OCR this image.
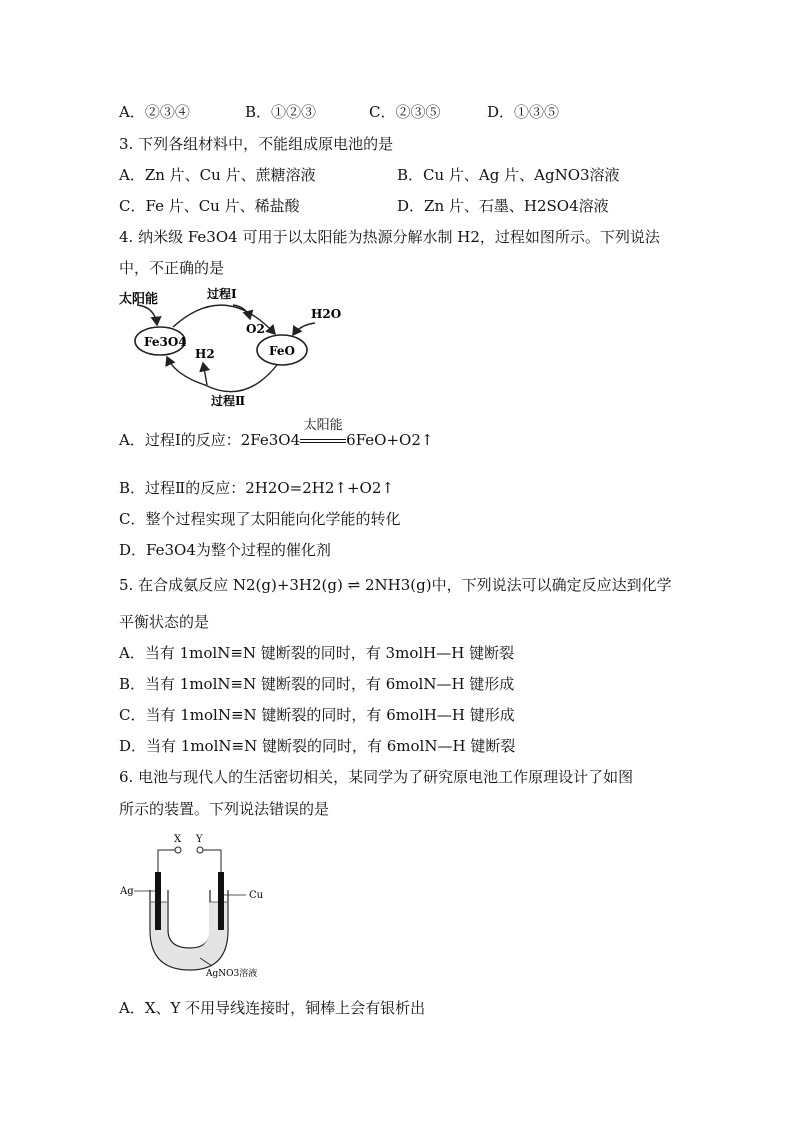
A．②③④	B．①②③	C．②③⑤	D．①③⑤
3. 下列各组材料中，不能组成原电池的是
A．Zn 片、Cu 片、蔗糖溶液	B．Cu 片、Ag 片、AgNO3溶液
C．Fe 片、Cu 片、稀盐酸	D．Zn 片、石墨、H2SO4溶液
4. 纳米级 Fe3O4 可用于以太阳能为热源分解水制 H2，过程如图所示。下列说法
中，不正确的是
太阳能	过程Ⅰ
过程Ⅱ
O2
H2O
H2
Fe3O4
FeO
A．过程Ⅰ的反应：2Fe3O4
太阳能
6FeO+O2↑
B．过程Ⅱ的反应：2H2O=2H2↑+O2↑
C．整个过程实现了太阳能向化学能的转化
D．Fe3O4为整个过程的催化剂
5. 在合成氨反应 N2(g)+3H2(g) ⇌ 2NH3(g)中，下列说法可以确定反应达到化学
平衡状态的是
A．当有 1molN≡N 键断裂的同时，有 3molH—H 键断裂
B．当有 1molN≡N 键断裂的同时，有 6molN—H 键形成
C．当有 1molN≡N 键断裂的同时，有 6molH—H 键形成
D．当有 1molN≡N 键断裂的同时，有 6molN—H 键断裂
6. 电池与现代人的生活密切相关，某同学为了研究原电池工作原理设计了如图
所示的装置。下列说法错误的是
X Y
Ag	Cu
AgNO3溶液
A．X、Y 不用导线连接时，铜棒上会有银析出
